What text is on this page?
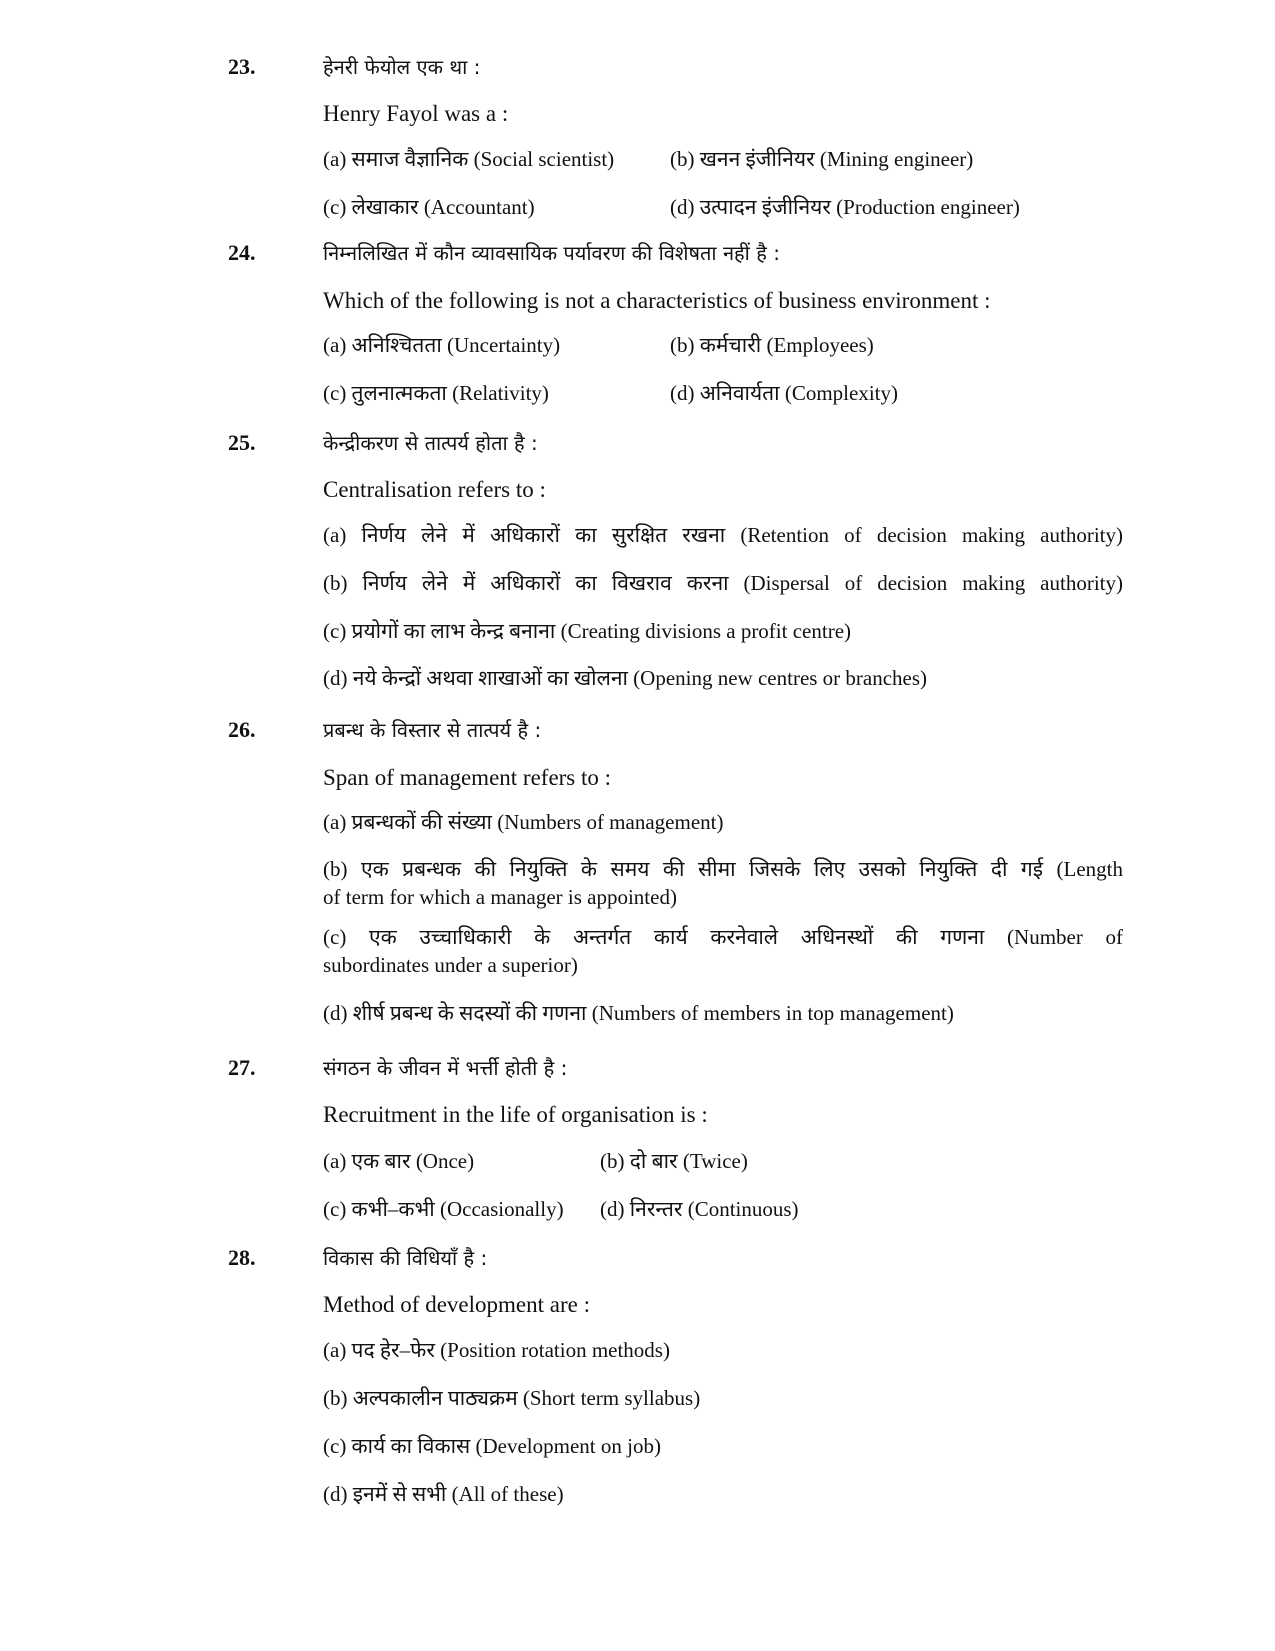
23.	हेनरी फेयोल एक था :
Henry Fayol was a :
(a) समाज वैज्ञानिक (Social scientist)	(b) खनन इंजीनियर (Mining engineer)
(c) लेखाकार (Accountant)	(d) उत्पादन इंजीनियर (Production engineer)
24.	निम्नलिखित में कौन व्यावसायिक पर्यावरण की विशेषता नहीं है :
Which of the following is not a characteristics of business environment :
(a) अनिश्चितता (Uncertainty)	(b) कर्मचारी (Employees)
(c) तुलनात्मकता (Relativity)	(d) अनिवार्यता (Complexity)
25.	केन्द्रीकरण से तात्पर्य होता है :
Centralisation refers to :
(a) निर्णय लेने में अधिकारों का सुरक्षित रखना (Retention of decision making authority)
(b) निर्णय लेने में अधिकारों का विखराव करना (Dispersal of decision making authority)
(c) प्रयोगों का लाभ केन्द्र बनाना (Creating divisions a profit centre)
(d) नये केन्द्रों अथवा शाखाओं का खोलना (Opening new centres or branches)
26.	प्रबन्ध के विस्तार से तात्पर्य है :
Span of management refers to :
(a) प्रबन्धकों की संख्या (Numbers of management)
(b) एक प्रबन्धक की नियुक्ति के समय की सीमा जिसके लिए उसको नियुक्ति दी गई (Length
of term for which a manager is appointed)
(c) एक उच्चाधिकारी के अन्तर्गत कार्य करनेवाले अधिनस्थों की गणना (Number of
subordinates under a superior)
(d) शीर्ष प्रबन्ध के सदस्यों की गणना (Numbers of members in top management)
27.	संगठन के जीवन में भर्त्ती होती है :
Recruitment in the life of organisation is :
(a) एक बार (Once)	(b) दो बार (Twice)
(c) कभी–कभी (Occasionally) (d) निरन्तर (Continuous)
28.	विकास की विधियाँ है :
Method of development are :
(a) पद हेर–फेर (Position rotation methods)
(b) अल्पकालीन पाठ्यक्रम (Short term syllabus)
(c) कार्य का विकास (Development on job)
(d) इनमें से सभी (All of these)
